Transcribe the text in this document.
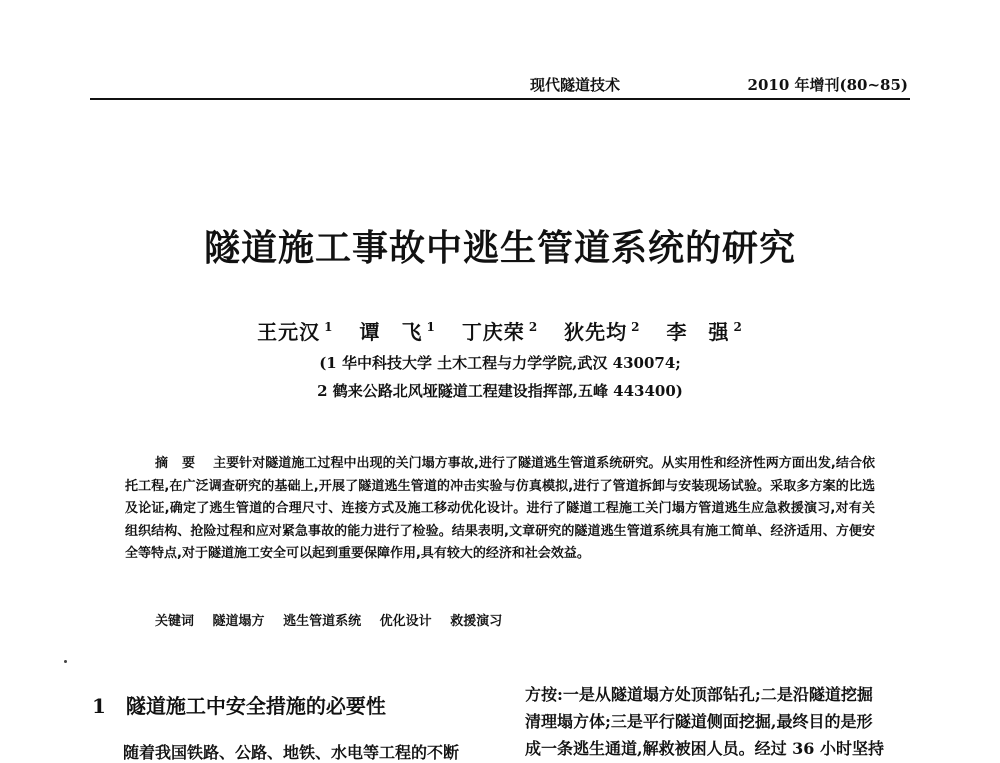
现代隧道技术	2010 年增刊(80~85)
隧道施工事故中逃生管道系统的研究
王元汉 $^1$ 谭　飞 $^1$ 丁庆荣 $^2$ 狄先均 $^2$ 李　强 $^2$
(1 华中科技大学 土木工程与力学学院,武汉 430074;
2 鹤来公路北风垭隧道工程建设指挥部,五峰 443400)

摘要 主要针对隧道施工过程中出现的关门塌方事故,进行了隧道逃生管道系统研究。从实用性和经济性两方面出发,结合依托工程,在广泛调查研究的基础上,开展了隧道逃生管道的冲击实验与仿真模拟,进行了管道拆卸与安装现场试验。采取多方案的比选及论证,确定了逃生管道的合理尺寸、连接方式及施工移动优化设计。进行了隧道工程施工关门塌方管道逃生应急救援演习,对有关组织结构、抢险过程和应对紧急事故的能力进行了检验。结果表明,文章研究的隧道逃生管道系统具有施工简单、经济适用、方便安全等特点,对于隧道施工安全可以起到重要保障作用,具有较大的经济和社会效益。

关键词 隧道塌方 逃生管道系统 优化设计 救援演习
1 隧道施工中安全措施的必要性
随着我国铁路、公路、地铁、水电等工程的不断
方按:一是从隧道塌方处顶部钻孔;二是沿隧道挖掘
清理塌方体;三是平行隧道侧面挖掘,最终目的是形
成一条逃生通道,解救被困人员。经过 36 小时坚持
